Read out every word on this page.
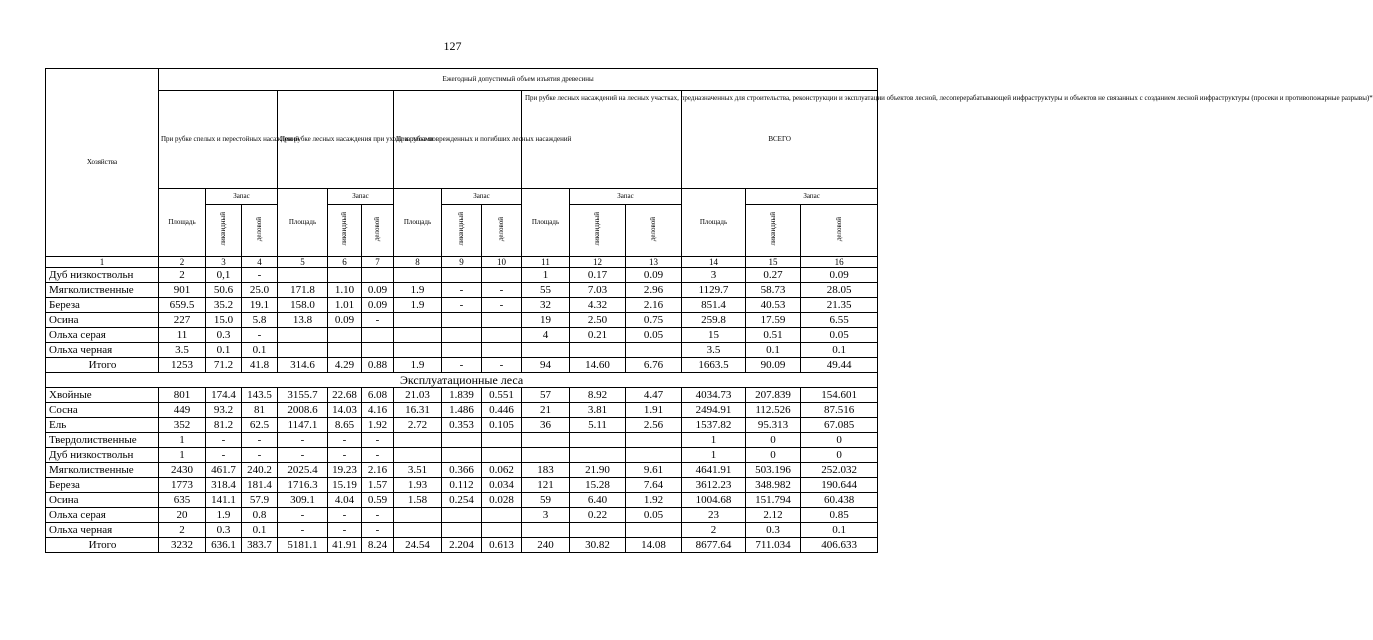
127
Хозяйства	Ежегодный допустимый объем изъятия древесины														
	При рубке спелых и перестойных насаждений			При рубке лесных насаждения при уходе за лесами			При рубке поврежденных и погибших лесных насаждений			При рубке лесных насаждений на лесных участках, предназначенных для строительства, реконструкции и эксплуатации объектов лесной, лесоперерабатывающей инфраструктуры и объектов не связанных с созданием лесной инфраструктуры (просеки и противопожарные разрывы)*			ВСЕГО		
	Площадь	Запас		Площадь	Запас		Площадь	Запас		Площадь	Запас		Площадь	Запас	
		ликвидный	деловой		ликвидный	деловой		ликвидный	деловой		ликвидный	деловой		ликвидный	деловой
1	2	3	4	5	6	7	8	9	10	11	12	13	14	15	16
Дуб низкоствольн	2	0,1	-							1	0.17	0.09	3	0.27	0.09
Мягколиственные	901	50.6	25.0	171.8	1.10	0.09	1.9	-	-	55	7.03	2.96	1129.7	58.73	28.05
Береза	659.5	35.2	19.1	158.0	1.01	0.09	1.9	-	-	32	4.32	2.16	851.4	40.53	21.35
Осина	227	15.0	5.8	13.8	0.09	-				19	2.50	0.75	259.8	17.59	6.55
Ольха серая	11	0.3	-							4	0.21	0.05	15	0.51	0.05
Ольха черная	3.5	0.1	0.1										3.5	0.1	0.1
Итого	1253	71.2	41.8	314.6	4.29	0.88	1.9	-	-	94	14.60	6.76	1663.5	90.09	49.44
Эксплуатационные леса															
Хвойные	801	174.4	143.5	3155.7	22.68	6.08	21.03	1.839	0.551	57	8.92	4.47	4034.73	207.839	154.601
Сосна	449	93.2	81	2008.6	14.03	4.16	16.31	1.486	0.446	21	3.81	1.91	2494.91	112.526	87.516
Ель	352	81.2	62.5	1147.1	8.65	1.92	2.72	0.353	0.105	36	5.11	2.56	1537.82	95.313	67.085
Твердолиственные	1	-	-	-	-	-							1	0	0
Дуб низкоствольн	1	-	-	-	-	-							1	0	0
Мягколиственные	2430	461.7	240.2	2025.4	19.23	2.16	3.51	0.366	0.062	183	21.90	9.61	4641.91	503.196	252.032
Береза	1773	318.4	181.4	1716.3	15.19	1.57	1.93	0.112	0.034	121	15.28	7.64	3612.23	348.982	190.644
Осина	635	141.1	57.9	309.1	4.04	0.59	1.58	0.254	0.028	59	6.40	1.92	1004.68	151.794	60.438
Ольха серая	20	1.9	0.8	-	-	-				3	0.22	0.05	23	2.12	0.85
Ольха черная	2	0.3	0.1	-	-	-							2	0.3	0.1
Итого	3232	636.1	383.7	5181.1	41.91	8.24	24.54	2.204	0.613	240	30.82	14.08	8677.64	711.034	406.633
